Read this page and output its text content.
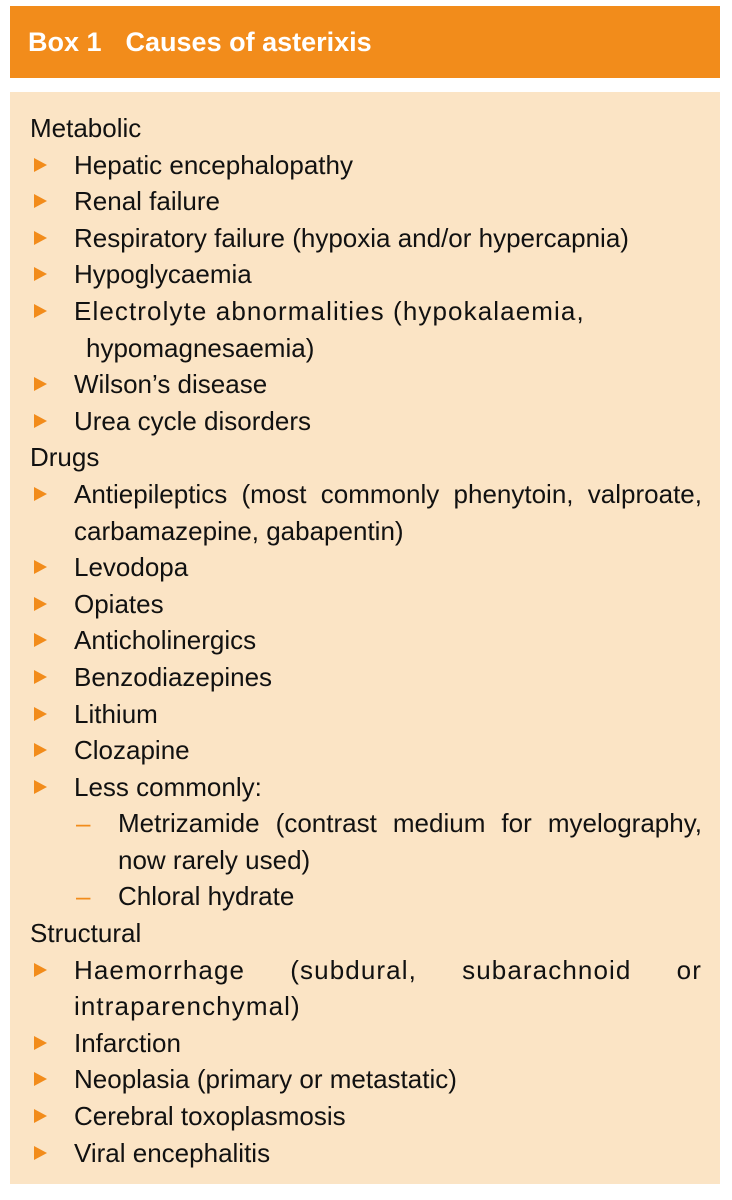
Box 1 Causes of asterixis
Metabolic
Hepatic encephalopathy
Renal failure
Respiratory failure (hypoxia and/or hypercapnia)
Hypoglycaemia
Electrolyte abnormalities (hypokalaemia,
hypomagnesaemia)
Wilson’s disease
Urea cycle disorders
Drugs
Antiepileptics (most commonly phenytoin, valproate,
carbamazepine, gabapentin)
Levodopa
Opiates
Anticholinergics
Benzodiazepines
Lithium
Clozapine
Less commonly:
– Metrizamide (contrast medium for myelography,
now rarely used)
– Chloral hydrate
Structural
Haemorrhage (subdural, subarachnoid or
intraparenchymal)
Infarction
Neoplasia (primary or metastatic)
Cerebral toxoplasmosis
Viral encephalitis
